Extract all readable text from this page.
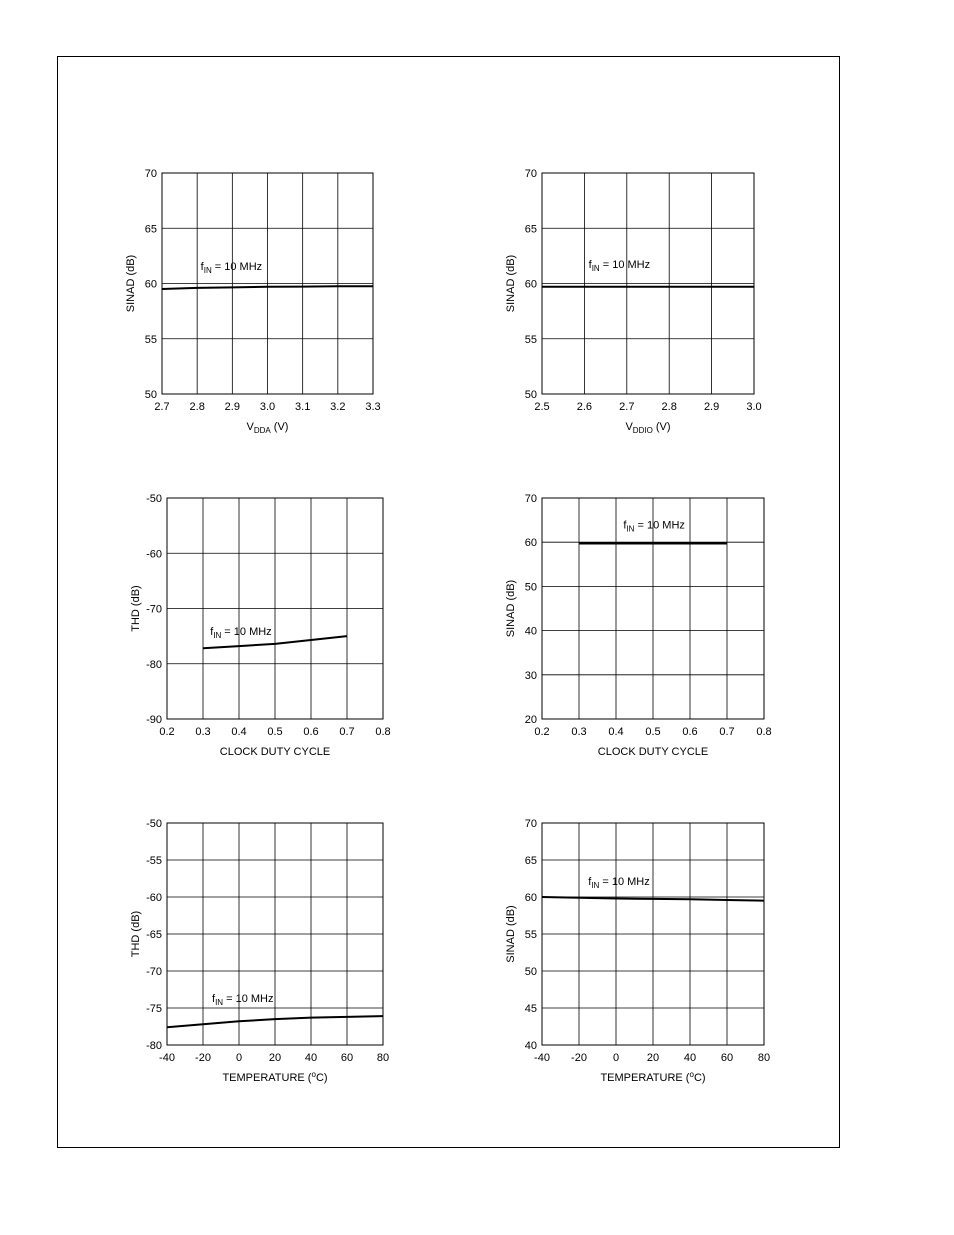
2.7 2.8 2.9 3.0 3.1 3.2 3.3
50
55
60
65
70
$V_{DDA}$ (V)
SINAD (dB)	$f_{IN} = 10$ MHz
2.5 2.6 2.7 2.8 2.9 3.0
50
55
60
65
70
$V_{DDIO}$ (V)
SINAD (dB)	$f_{IN} = 10$ MHz
0.2 0.3 0.4 0.5 0.6 0.7 0.8
-90
-80
-70
-60
-50
CLOCK DUTY CYCLE
THD (dB)
$f_{IN} = 10$ MHz
0.2 0.3 0.4 0.5 0.6 0.7 0.8
20
30
40
50
60
70
CLOCK DUTY CYCLE
SINAD (dB)
$f_{IN} = 10$ MHz
-40 -20 0 20 40 60 80
-80
-75
-70
-65
-60
-55
-50
TEMPERATURE ($^o$C)
THD (dB)
$f_{IN} = 10$ MHz
-40 -20 0	20 40 60 80
40
45
50
55
60
65
70
TEMPERATURE ($^o$C)
SINAD (dB)
$f_{IN} = 10$ MHz
